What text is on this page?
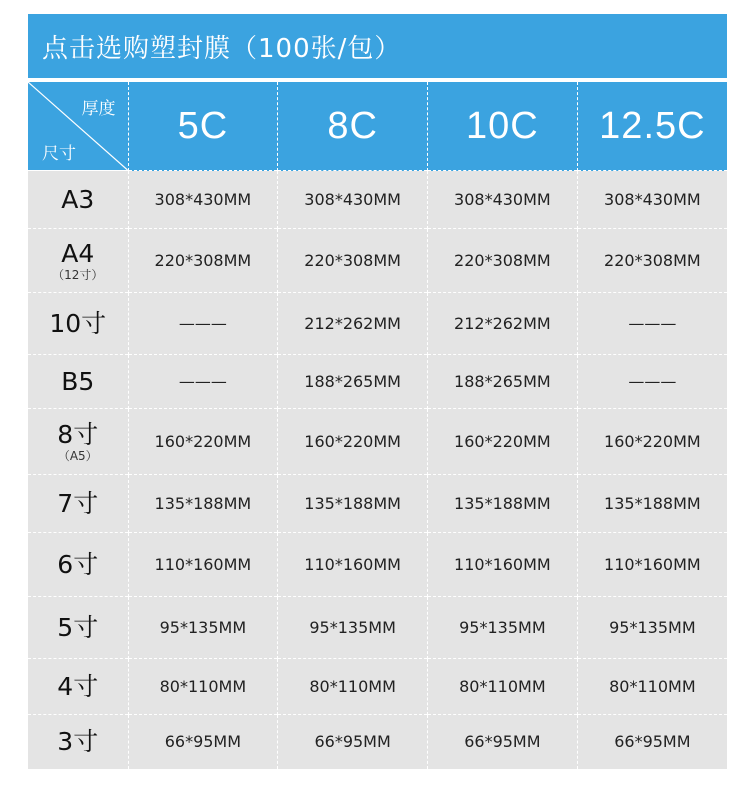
点击选购塑封膜（100张/包）
厚度
尺寸	5C	8C	10C	12.5C

A3	308*430MM	308*430MM	308*430MM	308*430MM

A4
（12寸）	220*308MM	220*308MM	220*308MM	220*308MM

10寸	———	212*262MM	212*262MM	———

B5	———	188*265MM	188*265MM	———

8寸
（A5）	160*220MM	160*220MM	160*220MM	160*220MM

7寸	135*188MM	135*188MM	135*188MM	135*188MM

6寸	110*160MM	110*160MM	110*160MM	110*160MM

5寸	95*135MM	95*135MM	95*135MM	95*135MM

4寸	80*110MM	80*110MM	80*110MM	80*110MM

3寸	66*95MM	66*95MM	66*95MM	66*95MM
